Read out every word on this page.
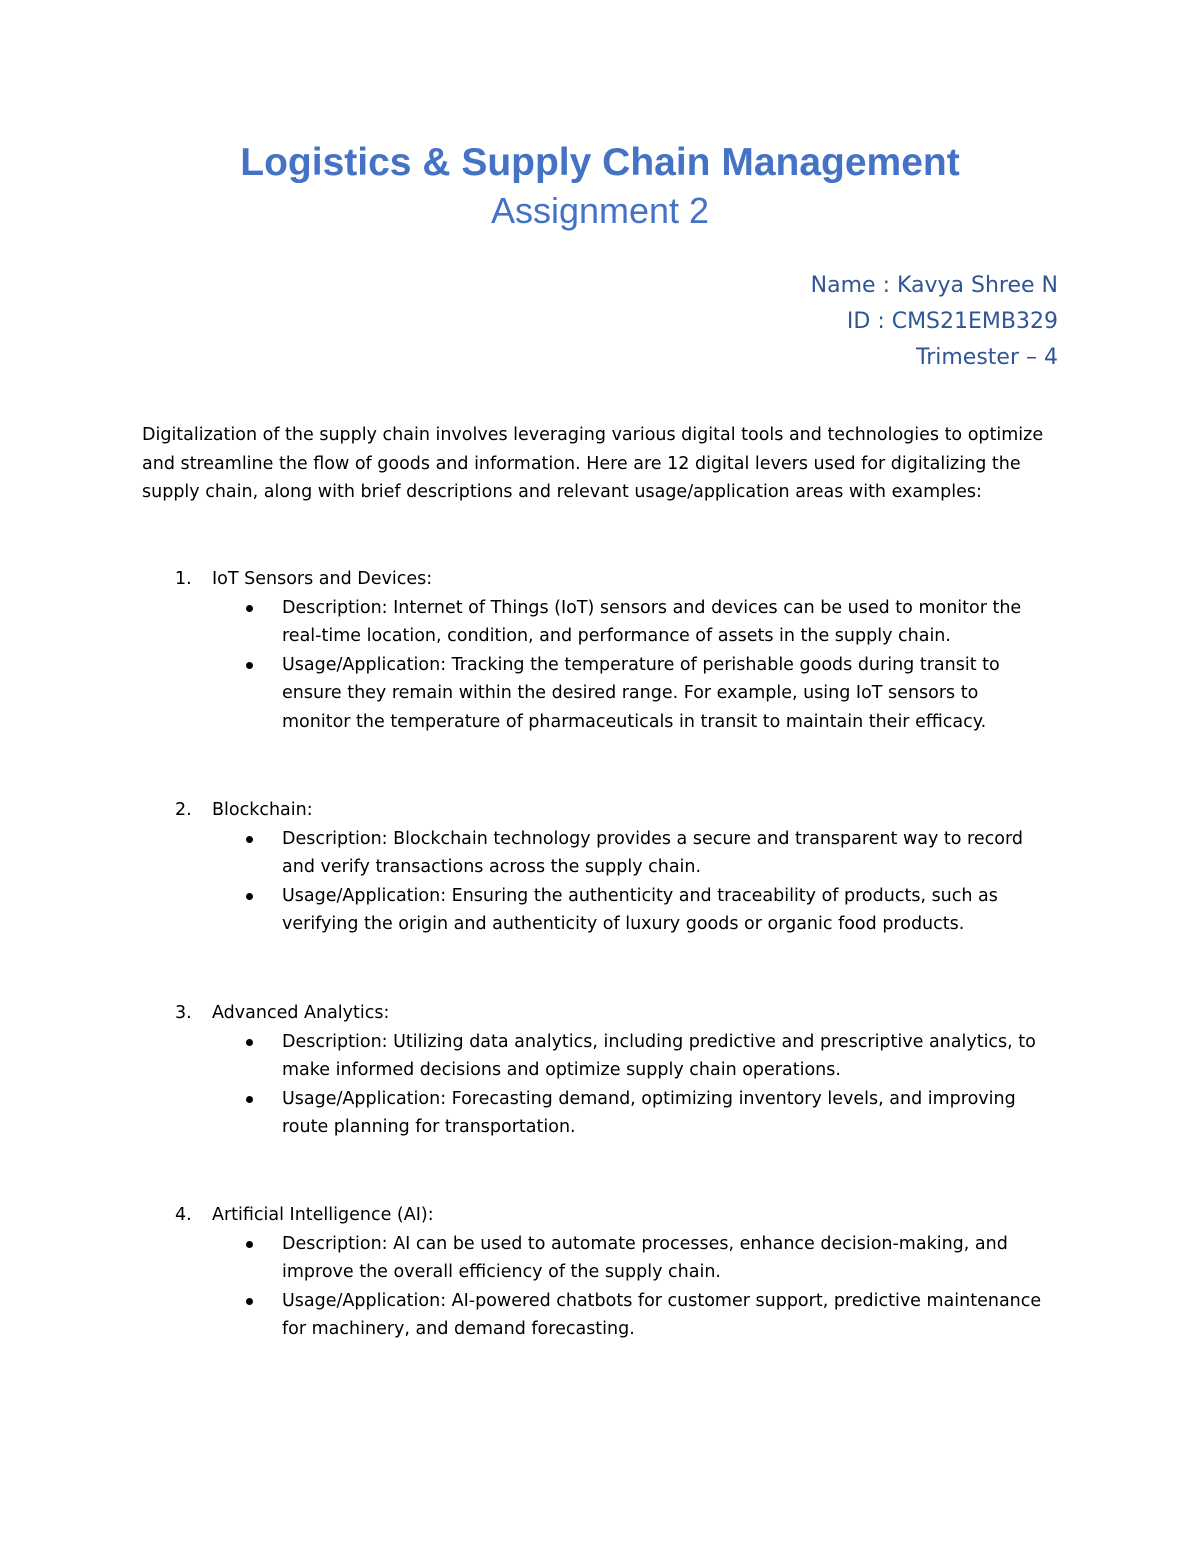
Logistics & Supply Chain Management
Assignment 2
Name : Kavya Shree N
ID : CMS21EMB329
Trimester – 4

Digitalization of the supply chain involves leveraging various digital tools and technologies to optimize and streamline the flow of goods and information. Here are 12 digital levers used for digitalizing the supply chain, along with brief descriptions and relevant usage/application areas with examples:

1. IoT Sensors and Devices:
Description: Internet of Things (IoT) sensors and devices can be used to monitor the real-time location, condition, and performance of assets in the supply chain.
Usage/Application: Tracking the temperature of perishable goods during transit to ensure they remain within the desired range. For example, using IoT sensors to monitor the temperature of pharmaceuticals in transit to maintain their efficacy.
2. Blockchain:
Description: Blockchain technology provides a secure and transparent way to record and verify transactions across the supply chain.
Usage/Application: Ensuring the authenticity and traceability of products, such as verifying the origin and authenticity of luxury goods or organic food products.
3. Advanced Analytics:
Description: Utilizing data analytics, including predictive and prescriptive analytics, to make informed decisions and optimize supply chain operations.
Usage/Application: Forecasting demand, optimizing inventory levels, and improving route planning for transportation.
4. Artificial Intelligence (AI):
Description: AI can be used to automate processes, enhance decision-making, and improve the overall efficiency of the supply chain.
Usage/Application: AI-powered chatbots for customer support, predictive maintenance for machinery, and demand forecasting.
